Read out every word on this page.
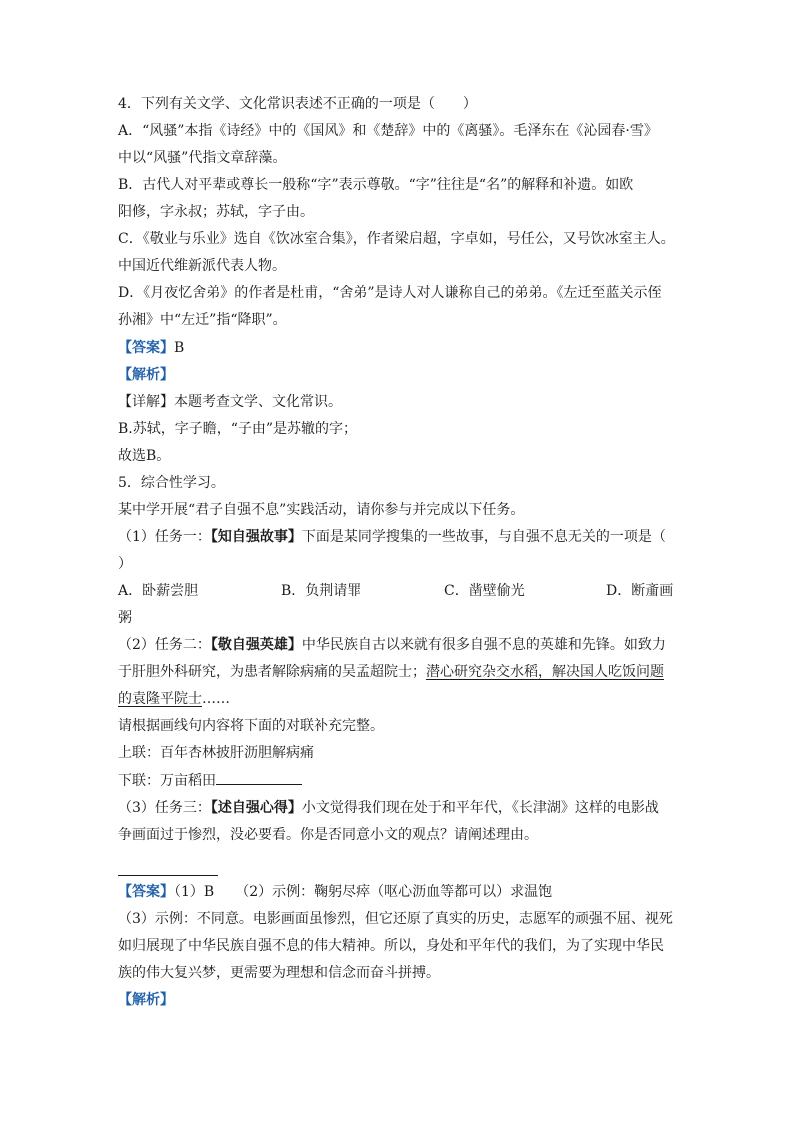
4．下列有关文学、文化常识表述不正确的一项是（　　）
A．“风骚”本指《诗经》中的《国风》和《楚辞》中的《离骚》。毛泽东在《沁园春·雪》
中以“风骚”代指文章辞藻。
B．古代人对平辈或尊长一般称“字”表示尊敬。“字”往往是“名”的解释和补遗。如欧
阳修，字永叔；苏轼，字子由。
C．《敬业与乐业》选自《饮冰室合集》，作者梁启超，字卓如，号任公，又号饮冰室主人。
中国近代维新派代表人物。
D．《月夜忆舍弟》的作者是杜甫，“舍弟”是诗人对人谦称自己的弟弟。《左迁至蓝关示侄
孙湘》中“左迁”指“降职”。
【答案】B
【解析】
【详解】本题考查文学、文化常识。
B.苏轼，字子瞻，“子由”是苏辙的字；
故选B。
5．综合性学习。
某中学开展“君子自强不息”实践活动，请你参与并完成以下任务。
（1）任务一：【知自强故事】下面是某同学搜集的一些故事，与自强不息无关的一项是（
）
A．卧薪尝胆	B．负荆请罪	C．凿壁偷光	D．断齑画
粥
（2）任务二：【敬自强英雄】中华民族自古以来就有很多自强不息的英雄和先锋。如致力
于肝胆外科研究，为患者解除病痛的吴孟超院士；潜心研究杂交水稻，解决国人吃饭问题
的袁隆平院士……
请根据画线句内容将下面的对联补充完整。
上联：百年杏林披肝沥胆解病痛
下联：万亩稻田
（3）任务三：【述自强心得】小文觉得我们现在处于和平年代，《长津湖》这样的电影战
争画面过于惨烈，没必要看。你是否同意小文的观点？请阐述理由。
【答案】（1）B　　（2）示例：鞠躬尽瘁（呕心沥血等都可以）求温饱
（3）示例：不同意。电影画面虽惨烈，但它还原了真实的历史，志愿军的顽强不屈、视死
如归展现了中华民族自强不息的伟大精神。所以，身处和平年代的我们，为了实现中华民
族的伟大复兴梦，更需要为理想和信念而奋斗拼搏。
【解析】
